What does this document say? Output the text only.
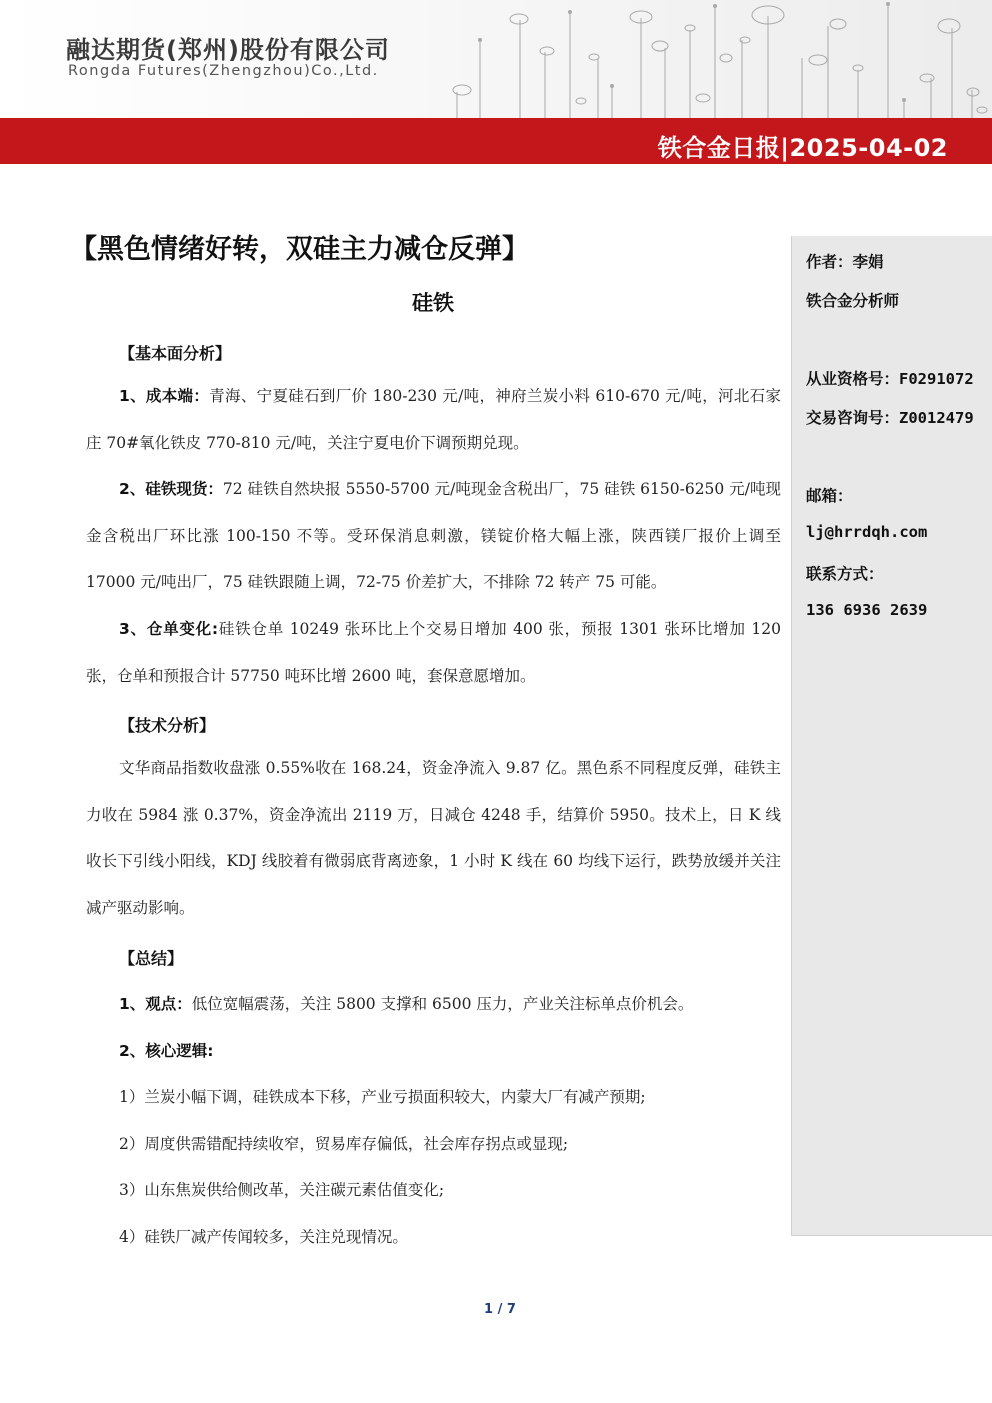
融达期货(郑州)股份有限公司
Rongda Futures(Zhengzhou)Co.,Ltd.
铁合金日报|2025-04-02
作者：李娟
铁合金分析师
从业资格号：F0291072
交易咨询号：Z0012479
邮箱：
lj@hrrdqh.com
联系方式：
136 6936 2639
【黑色情绪好转，双硅主力减仓反弹】
硅铁
【基本面分析】
1、成本端：青海、宁夏硅石到厂价 180-230 元/吨，神府兰炭小料 610-670 元/吨，河北石家庄 70#氧化铁皮 770-810 元/吨，关注宁夏电价下调预期兑现。
2、硅铁现货：72 硅铁自然块报 5550-5700 元/吨现金含税出厂，75 硅铁 6150-6250 元/吨现金含税出厂环比涨 100-150 不等。受环保消息刺激，镁锭价格大幅上涨，陕西镁厂报价上调至 17000 元/吨出厂，75 硅铁跟随上调，72-75 价差扩大，不排除 72 转产 75 可能。
3、仓单变化:硅铁仓单 10249 张环比上个交易日增加 400 张，预报 1301 张环比增加 120 张，仓单和预报合计 57750 吨环比增 2600 吨，套保意愿增加。
【技术分析】
文华商品指数收盘涨 0.55%收在 168.24，资金净流入 9.87 亿。黑色系不同程度反弹，硅铁主力收在 5984 涨 0.37%，资金净流出 2119 万，日减仓 4248 手，结算价 5950。技术上，日 K 线收长下引线小阳线，KDJ 线胶着有微弱底背离迹象，1 小时 K 线在 60 均线下运行，跌势放缓并关注减产驱动影响。
【总结】
1、观点：低位宽幅震荡，关注 5800 支撑和 6500 压力，产业关注标单点价机会。
2、核心逻辑:
1）兰炭小幅下调，硅铁成本下移，产业亏损面积较大，内蒙大厂有减产预期;
2）周度供需错配持续收窄，贸易库存偏低，社会库存拐点或显现;
3）山东焦炭供给侧改革，关注碳元素估值变化;
4）硅铁厂减产传闻较多，关注兑现情况。
1 / 7
